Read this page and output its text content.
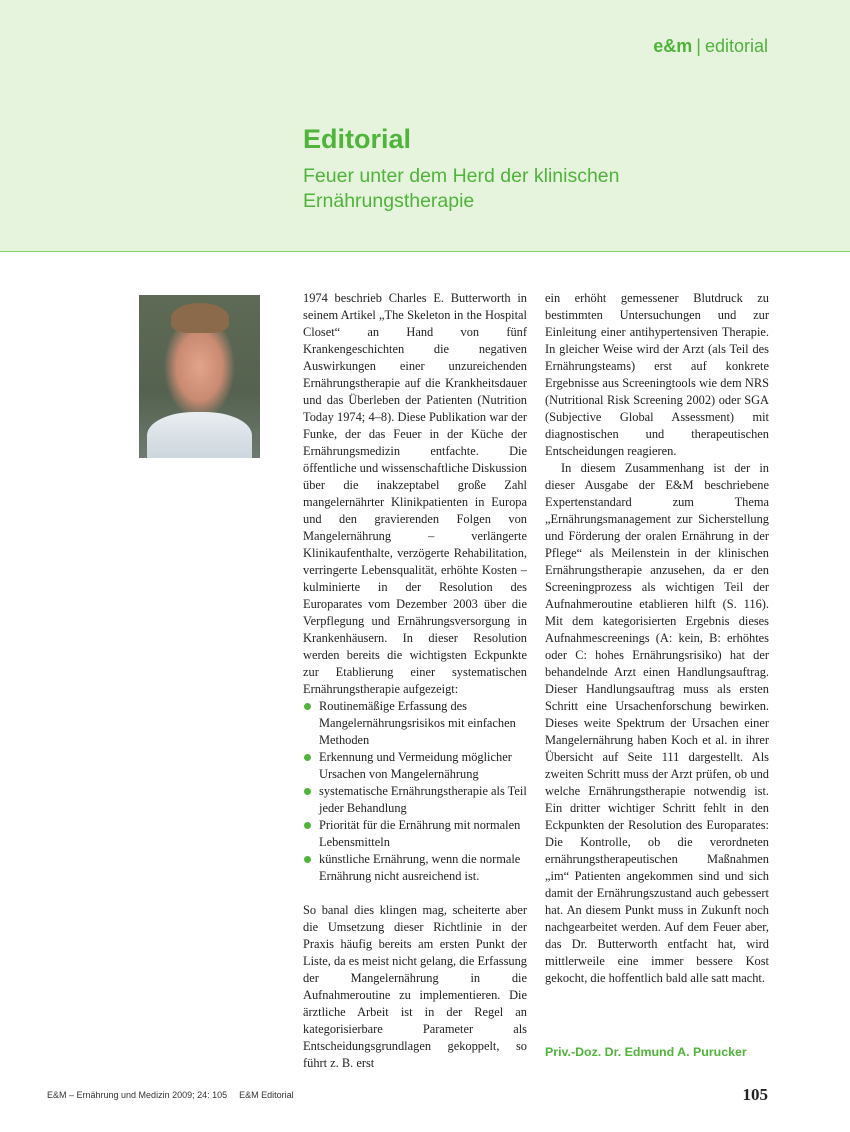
e&m | editorial
Editorial
Feuer unter dem Herd der klinischen Ernährungstherapie

1974 beschrieb Charles E. Butterworth in seinem Artikel „The Skeleton in the Hospital Closet“ an Hand von fünf Krankengeschichten die negativen Auswirkungen einer unzureichenden Ernährungstherapie auf die Krankheitsdauer und das Überleben der Patienten (Nutrition Today 1974; 4–8). Diese Publikation war der Funke, der das Feuer in der Küche der Ernährungsmedizin entfachte. Die öffentliche und wissenschaftliche Diskussion über die inakzeptabel große Zahl mangelernährter Klinikpatienten in Europa und den gravierenden Folgen von Mangelernährung – verlängerte Klinikaufenthalte, verzögerte Rehabilitation, verringerte Lebensqualität, erhöhte Kosten – kulminierte in der Resolution des Europarates vom Dezember 2003 über die Verpflegung und Ernährungsversorgung in Krankenhäusern. In dieser Resolution werden bereits die wichtigsten Eckpunkte zur Etablierung einer systematischen Ernährungstherapie aufgezeigt:

Routinemäßige Erfassung des Mangelernährungsrisikos mit einfachen Methoden
Erkennung und Vermeidung möglicher Ursachen von Mangelernährung
systematische Ernährungstherapie als Teil jeder Behandlung
Priorität für die Ernährung mit normalen Lebensmitteln
künstliche Ernährung, wenn die normale Ernährung nicht ausreichend ist.

So banal dies klingen mag, scheiterte aber die Umsetzung dieser Richtlinie in der Praxis häufig bereits am ersten Punkt der Liste, da es meist nicht gelang, die Erfassung der Mangelernährung in die Aufnahmeroutine zu implementieren. Die ärztliche Arbeit ist in der Regel an kategorisierbare Parameter als Entscheidungsgrundlagen gekoppelt, so führt z. B. erst

ein erhöht gemessener Blutdruck zu bestimmten Untersuchungen und zur Einleitung einer antihypertensiven Therapie. In gleicher Weise wird der Arzt (als Teil des Ernährungsteams) erst auf konkrete Ergebnisse aus Screeningtools wie dem NRS (Nutritional Risk Screening 2002) oder SGA (Subjective Global Assessment) mit diagnostischen und therapeutischen Entscheidungen reagieren.

In diesem Zusammenhang ist der in dieser Ausgabe der E&M beschriebene Expertenstandard zum Thema „Ernährungsmanagement zur Sicherstellung und Förderung der oralen Ernährung in der Pflege“ als Meilenstein in der klinischen Ernährungstherapie anzusehen, da er den Screeningprozess als wichtigen Teil der Aufnahmeroutine etablieren hilft (S. 116). Mit dem kategorisierten Ergebnis dieses Aufnahmescreenings (A: kein, B: erhöhtes oder C: hohes Ernährungsrisiko) hat der behandelnde Arzt einen Handlungsauftrag. Dieser Handlungsauftrag muss als ersten Schritt eine Ursachenforschung bewirken. Dieses weite Spektrum der Ursachen einer Mangelernährung haben Koch et al. in ihrer Übersicht auf Seite 111 dargestellt. Als zweiten Schritt muss der Arzt prüfen, ob und welche Ernährungstherapie notwendig ist. Ein dritter wichtiger Schritt fehlt in den Eckpunkten der Resolution des Europarates: Die Kontrolle, ob die verordneten ernährungstherapeutischen Maßnahmen „im“ Patienten angekommen sind und sich damit der Ernährungszustand auch gebessert hat. An diesem Punkt muss in Zukunft noch nachgearbeitet werden. Auf dem Feuer aber, das Dr. Butterworth entfacht hat, wird mittlerweile eine immer bessere Kost gekocht, die hoffentlich bald alle satt macht.

Priv.-Doz. Dr. Edmund A. Purucker
E&M – Ernährung und Medizin 2009; 24: 105 E&M Editorial	105
